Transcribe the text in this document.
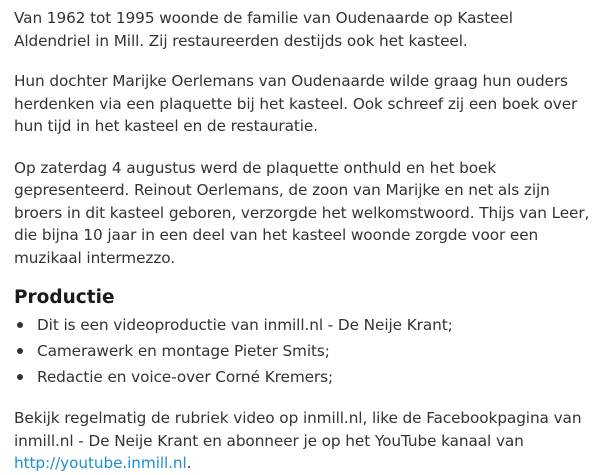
Van 1962 tot 1995 woonde de familie van Oudenaarde op Kasteel Aldendriel in Mill. Zij restaureerden destijds ook het kasteel.

Hun dochter Marijke Oerlemans van Oudenaarde wilde graag hun ouders herdenken via een plaquette bij het kasteel. Ook schreef zij een boek over hun tijd in het kasteel en de restauratie.

Op zaterdag 4 augustus werd de plaquette onthuld en het boek gepresenteerd. Reinout Oerlemans, de zoon van Marijke en net als zijn broers in dit kasteel geboren, verzorgde het welkomstwoord. Thijs van Leer, die bijna 10 jaar in een deel van het kasteel woonde zorgde voor een muzikaal intermezzo.

Productie
Dit is een videoproductie van inmill.nl - De Neije Krant;
Camerawerk en montage Pieter Smits;
Redactie en voice-over Corné Kremers;

Bekijk regelmatig de rubriek video op inmill.nl, like de Facebookpagina van inmill.nl - De Neije Krant en abonneer je op het YouTube kanaal van http://youtube.inmill.nl.
